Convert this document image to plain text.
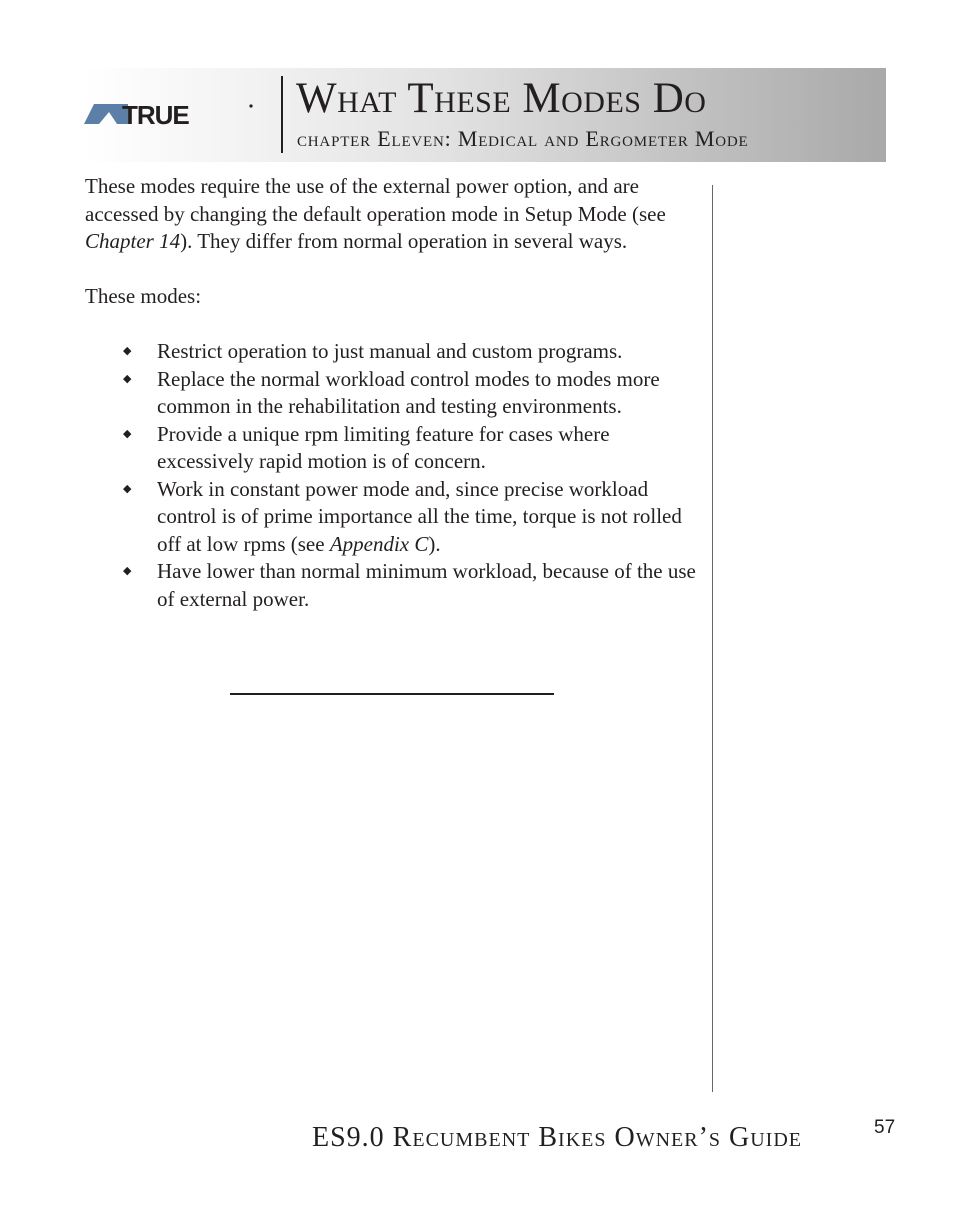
TRUE What These Modes Do
chapter Eleven: Medical and Ergometer Mode

These modes require the use of the external power option, and are accessed by changing the default operation mode in Setup Mode (see Chapter 14). They differ from normal operation in several ways.

These modes:

◆ Restrict operation to just manual and custom programs.
◆ Replace the normal workload control modes to modes more common in the rehabilitation and testing environments.
◆ Provide a unique rpm limiting feature for cases where excessively rapid motion is of concern.
◆ Work in constant power mode and, since precise workload control is of prime importance all the time, torque is not rolled off at low rpms (see Appendix C).
◆ Have lower than normal minimum workload, because of the use of external power.
ES9.0 Recumbent Bikes Owner’s Guide	57
